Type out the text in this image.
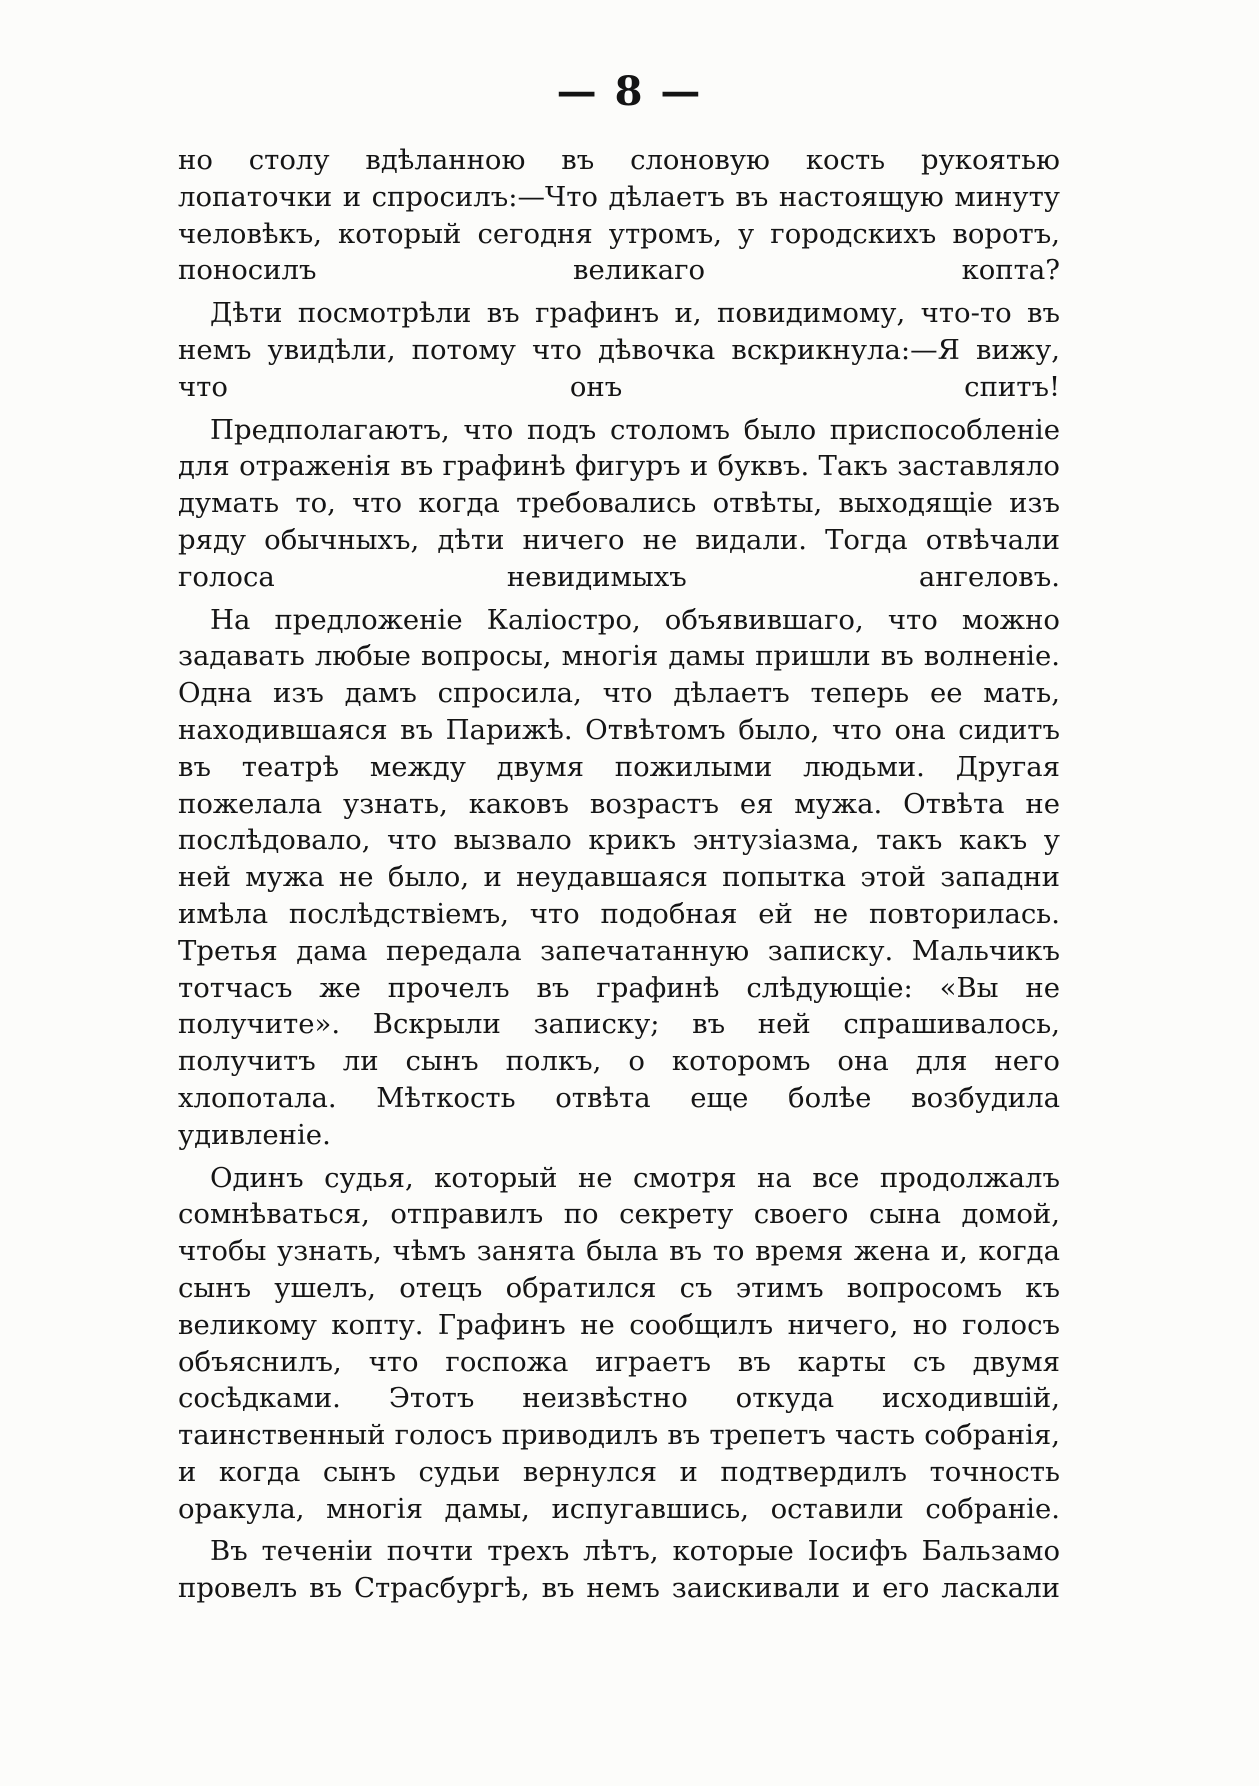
— 8 —

но столу вдѣланною въ слоновую кость рукоятью лопаточки и спросилъ:—Что дѣлаетъ въ настоящую минуту человѣкъ, который сегодня утромъ, у городскихъ воротъ, поносилъ великаго копта?

Дѣти посмотрѣли въ графинъ и, повидимому, что-то въ немъ увидѣли, потому что дѣвочка вскрикнула:—Я вижу, что онъ спитъ!

Предполагаютъ, что подъ столомъ было приспособленіе для отраженія въ графинѣ фигуръ и буквъ. Такъ заставляло думать то, что когда требовались отвѣты, выходящіе изъ ряду обычныхъ, дѣти ничего не видали. Тогда отвѣчали голоса невидимыхъ ангеловъ.

На предложеніе Каліостро, объявившаго, что можно задавать любые вопросы, многія дамы пришли въ волненіе. Одна изъ дамъ спросила, что дѣлаетъ теперь ее мать, находившаяся въ Парижѣ. Отвѣтомъ было, что она сидитъ въ театрѣ между двумя пожилыми людьми. Другая пожелала узнать, каковъ возрастъ ея мужа. Отвѣта не послѣдовало, что вызвало крикъ энтузіазма, такъ какъ у ней мужа не было, и неудавшаяся попытка этой западни имѣла послѣдствіемъ, что подобная ей не повторилась. Третья дама передала запечатанную записку. Мальчикъ тотчасъ же прочелъ въ графинѣ слѣдующіе: «Вы не получите». Вскрыли записку; въ ней спрашивалось, получитъ ли сынъ полкъ, о которомъ она для него хлопотала. Мѣткость отвѣта еще болѣе возбудила удивленіе.

Одинъ судья, который не смотря на все продолжалъ сомнѣваться, отправилъ по секрету своего сына домой, чтобы узнать, чѣмъ занята была въ то время жена и, когда сынъ ушелъ, отецъ обратился съ этимъ вопросомъ къ великому копту. Графинъ не сообщилъ ничего, но голосъ объяснилъ, что госпожа играетъ въ карты съ двумя сосѣдками. Этотъ неизвѣстно откуда исходившій, таинственный голосъ приводилъ въ трепетъ часть собранія, и когда сынъ судьи вернулся и подтвердилъ точность оракула, многія дамы, испугавшись, оставили собраніе.

Въ теченіи почти трехъ лѣтъ, которые Іосифъ Бальзамо провелъ въ Страсбургѣ, въ немъ заискивали и его ласкали
